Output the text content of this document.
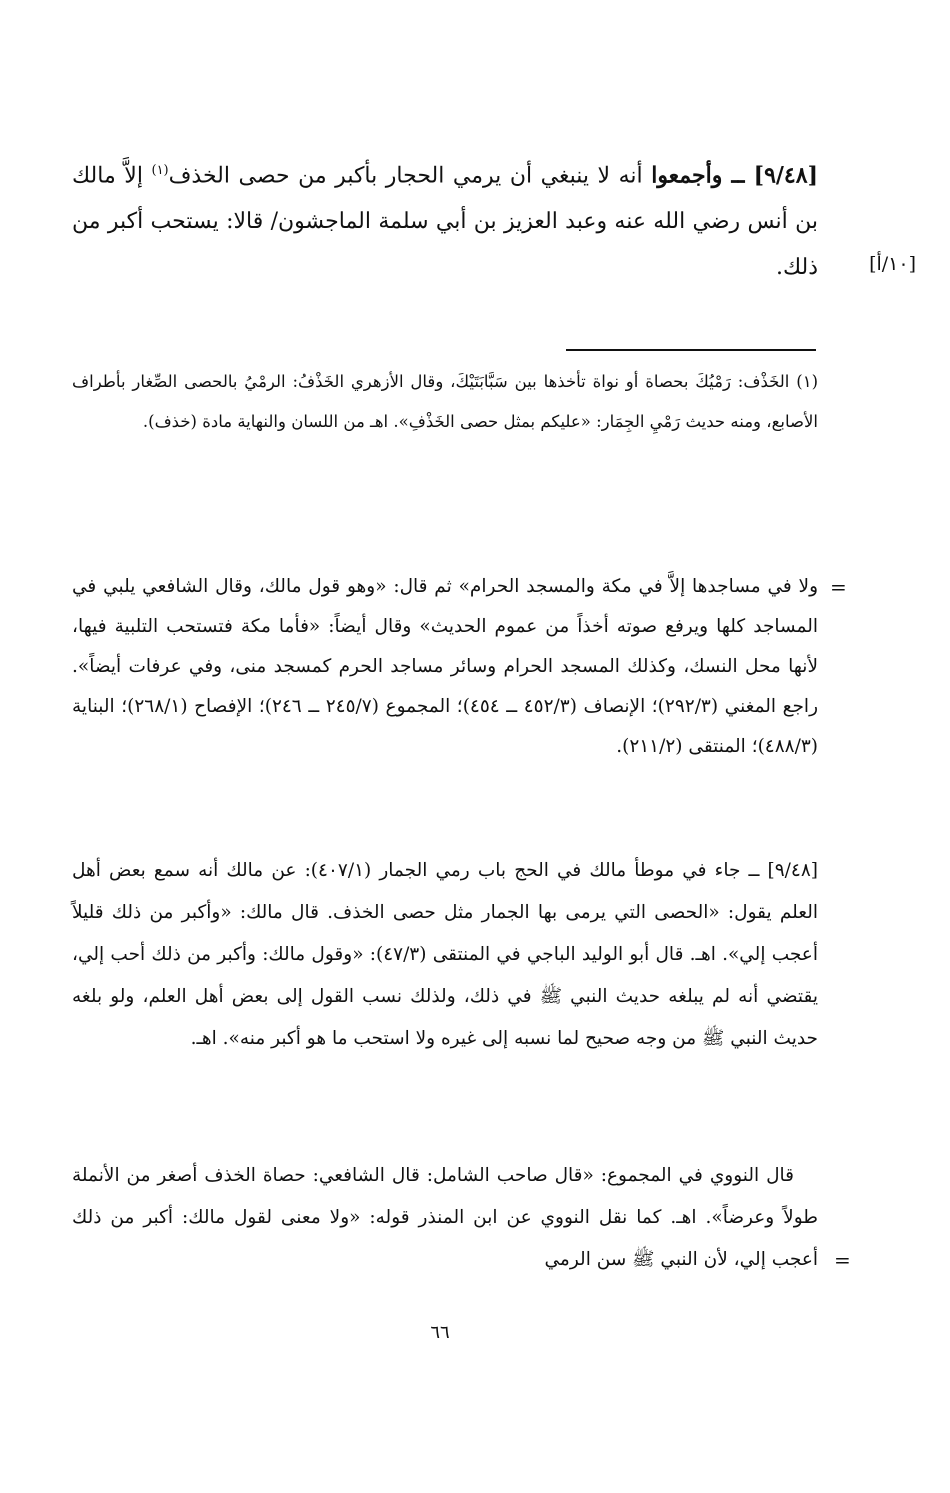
[٩/٤٨] ــ وأجمعوا أنه لا ينبغي أن يرمي الحجار بأكبر من حصى الخذف$^{(١)}$ إلاَّ مالك بن أنس رضي الله عنه وعبد العزيز بن أبي سلمة الماجشون/ قالا: يستحب أكبر من ذلك.	[١٠/أ]
(١) الخَذْف: رَمْيُكَ بحصاة أو نواة تأخذها بين سَبَّابَتَيْكَ، وقال الأزهري الخَذْفُ: الرمْيُ بالحصى الصِّغار بأطراف الأصابع، ومنه حديث رَمْيِ الجِمَار: «عليكم بمثل حصى الخَذْفِ». اهـ من اللسان والنهاية مادة (خذف).
=
ولا في مساجدها إلاَّ في مكة والمسجد الحرام» ثم قال: «وهو قول مالك، وقال الشافعي يلبي في المساجد كلها ويرفع صوته أخذاً من عموم الحديث» وقال أيضاً: «فأما مكة فتستحب التلبية فيها، لأنها محل النسك، وكذلك المسجد الحرام وسائر مساجد الحرم كمسجد منى، وفي عرفات أيضاً». راجع المغني (٢٩٢/٣)؛ الإنصاف (٤٥٢/٣ ــ ٤٥٤)؛ المجموع (٢٤٥/٧ ــ ٢٤٦)؛ الإفصاح (٢٦٨/١)؛ البناية (٤٨٨/٣)؛ المنتقى (٢١١/٢).
[٩/٤٨] ــ جاء في موطأ مالك في الحج باب رمي الجمار (٤٠٧/١): عن مالك أنه سمع بعض أهل العلم يقول: «الحصى التي يرمى بها الجمار مثل حصى الخذف. قال مالك: «وأكبر من ذلك قليلاً أعجب إلي». اهـ. قال أبو الوليد الباجي في المنتقى (٤٧/٣): «وقول مالك: وأكبر من ذلك أحب إلي، يقتضي أنه لم يبلغه حديث النبي ﷺ في ذلك، ولذلك نسب القول إلى بعض أهل العلم، ولو بلغه حديث النبي ﷺ من وجه صحيح لما نسبه إلى غيره ولا استحب ما هو أكبر منه». اهـ.

قال النووي في المجموع: «قال صاحب الشامل: قال الشافعي: حصاة الخذف أصغر من الأنملة طولاً وعرضاً». اهـ. كما نقل النووي عن ابن المنذر قوله: «ولا معنى لقول مالك: أكبر من ذلك أعجب إلي، لأن النبي ﷺ سن الرمي =
٦٦
